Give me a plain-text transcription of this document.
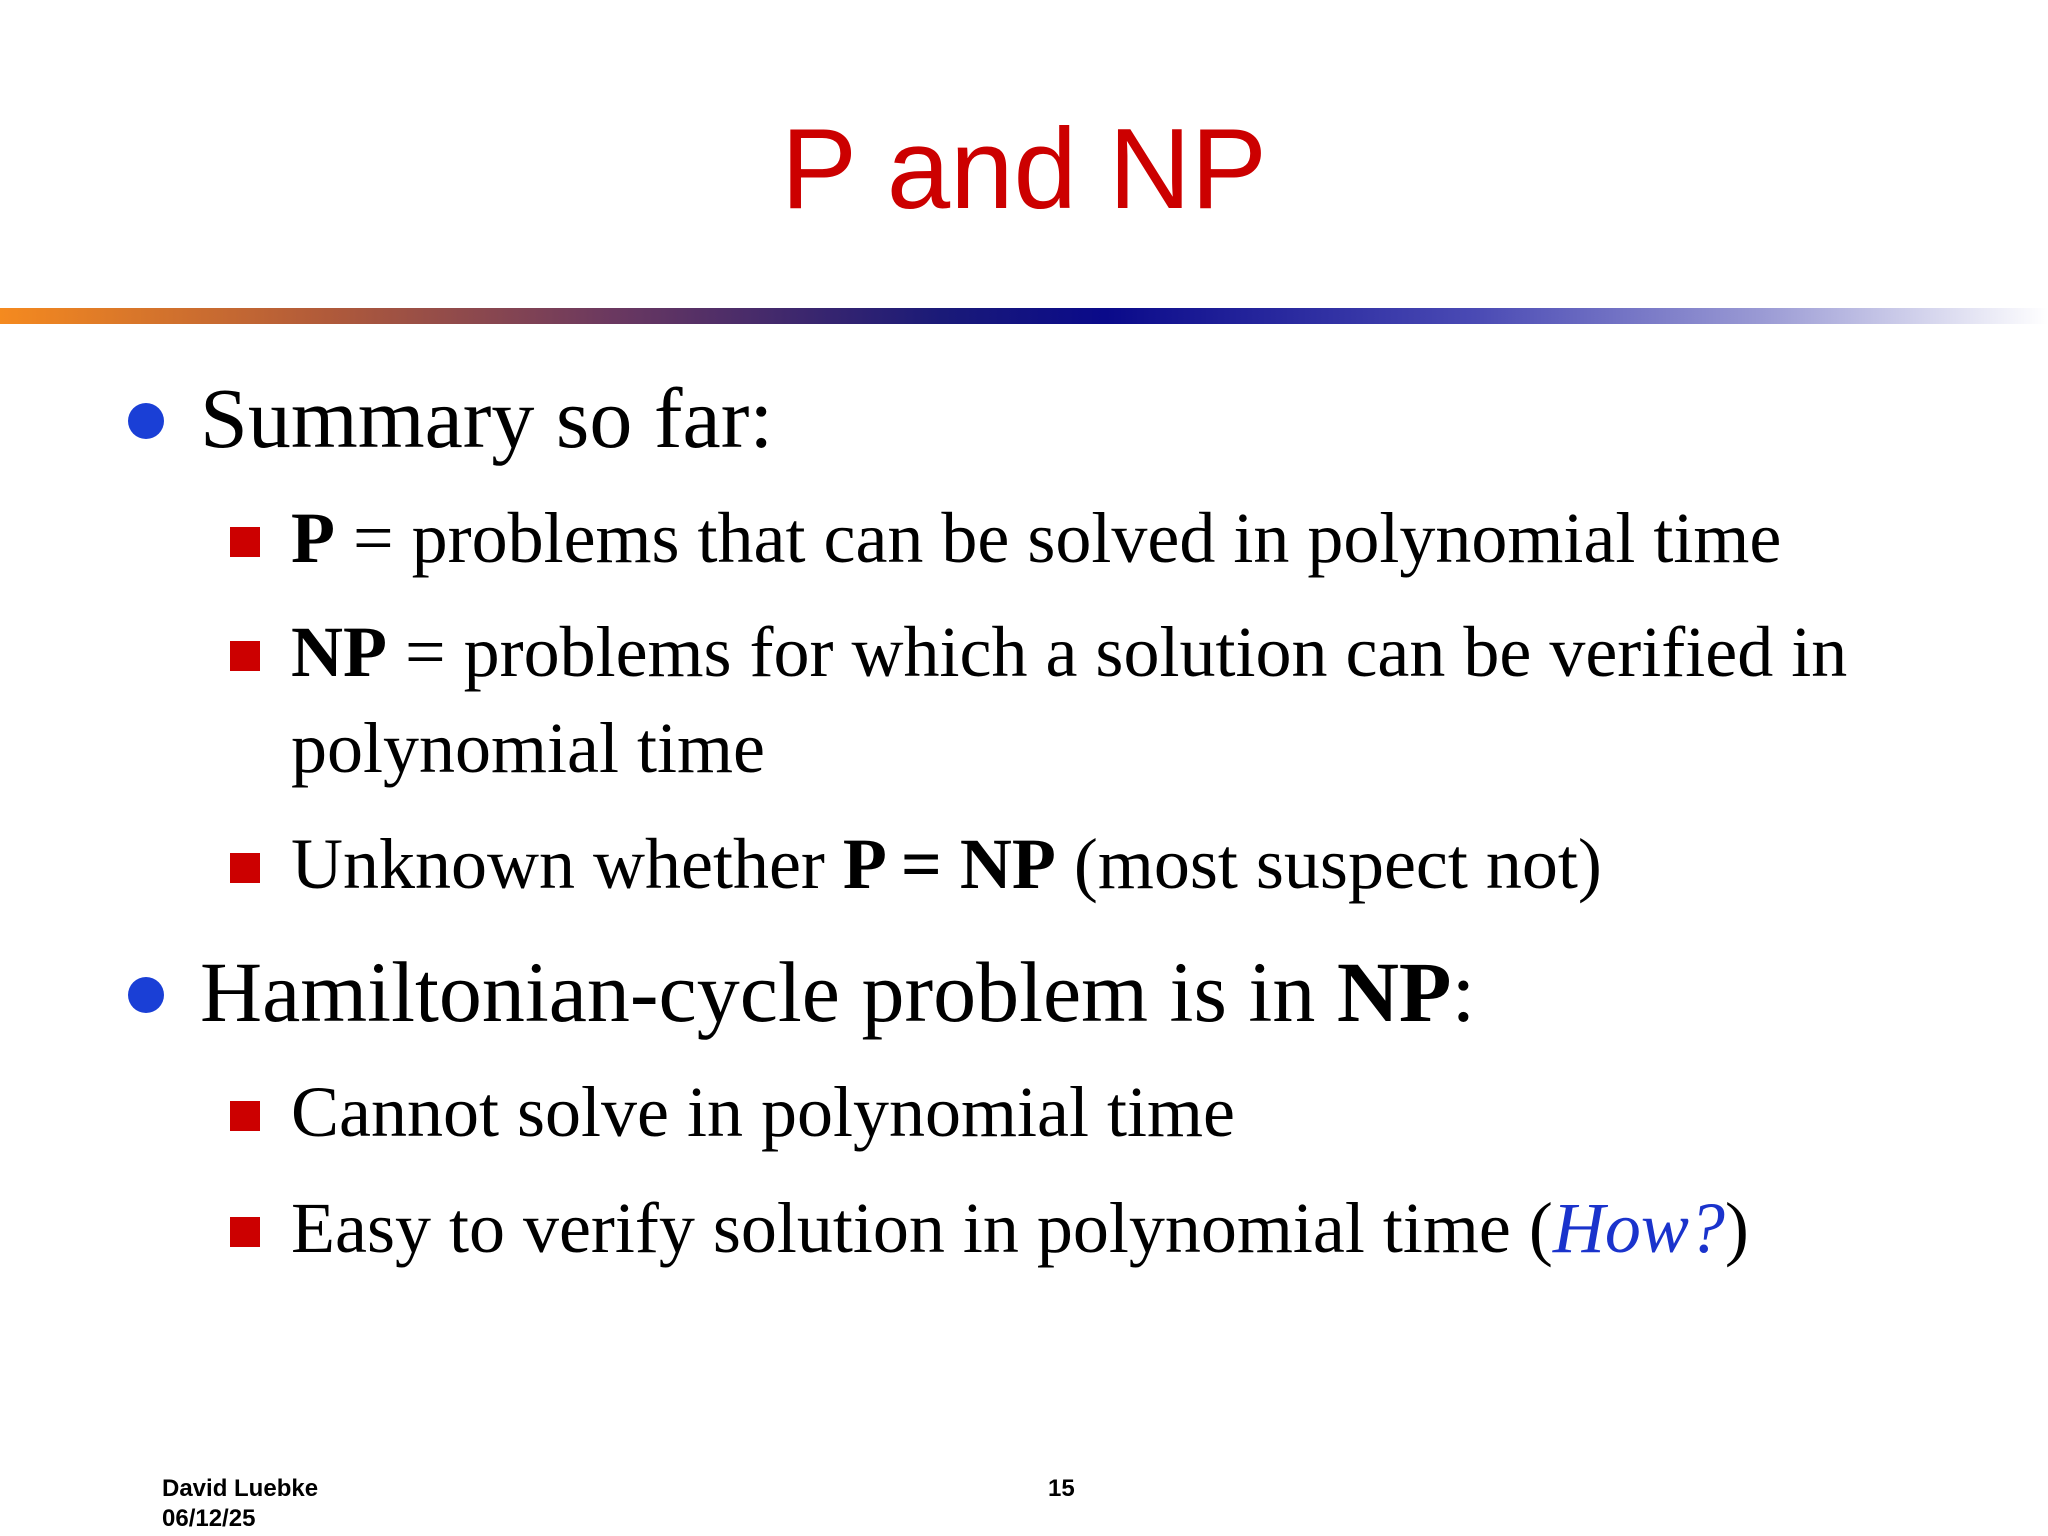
P and NP
Summary so far:
P = problems that can be solved in polynomial time
NP = problems for which a solution can be verified in polynomial time
Unknown whether P = NP (most suspect not)
Hamiltonian-cycle problem is in NP:
Cannot solve in polynomial time
Easy to verify solution in polynomial time (How?)
David Luebke
06/12/25
15
